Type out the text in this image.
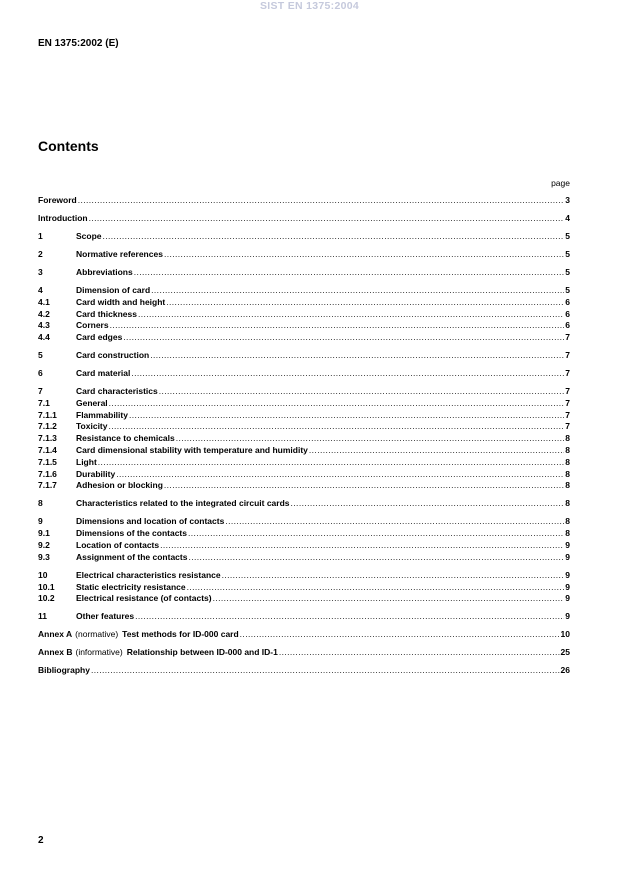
SIST EN 1375:2004
EN 1375:2002 (E)
Contents
page
Foreword .....	3
Introduction .....	4
1	Scope .....	5
2	Normative references .....	5
3	Abbreviations .....	5
4	Dimension of card .....	5
4.1	Card width and height .....	6
4.2	Card thickness .....	6
4.3	Corners .....	6
4.4	Card edges .....	7
5	Card construction .....	7
6	Card material .....	7
7	Card characteristics .....	7
7.1	General .....	7
7.1.1	Flammability .....	7
7.1.2	Toxicity .....	7
7.1.3	Resistance to chemicals .....	8
7.1.4	Card dimensional stability with temperature and humidity .....	8
7.1.5	Light .....	8
7.1.6	Durability .....	8
7.1.7	Adhesion or blocking .....	8
8	Characteristics related to the integrated circuit cards .....	8
9	Dimensions and location of contacts .....	8
9.1	Dimensions of the contacts .....	8
9.2	Location of contacts .....	9
9.3	Assignment of the contacts .....	9
10	Electrical characteristics resistance .....	9
10.1	Static electricity resistance .....	9
10.2	Electrical resistance (of contacts) .....	9
11	Other features .....	9
Annex A (normative) Test methods for ID-000 card .....	10
Annex B (informative) Relationship between ID-000 and ID-1 .....	25
Bibliography .....	26
2
